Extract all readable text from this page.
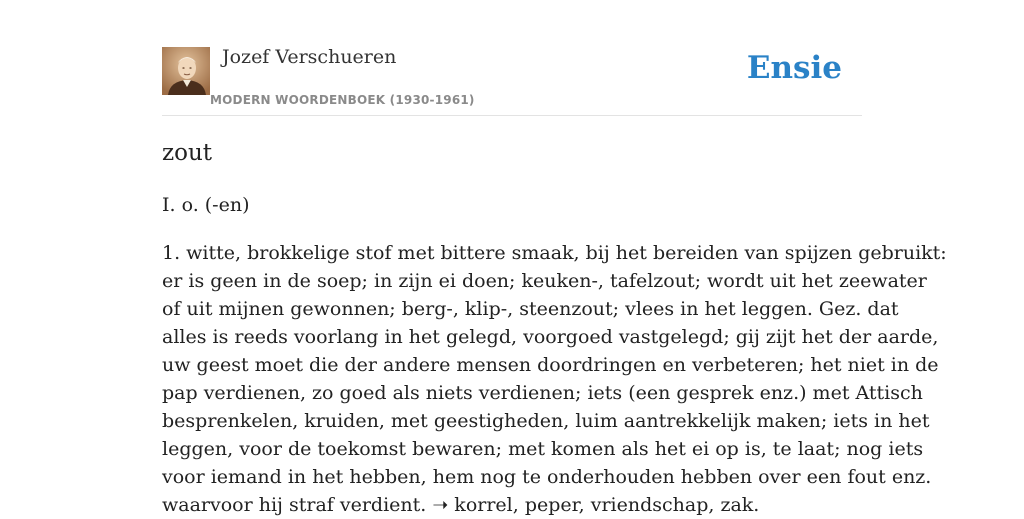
Jozef Verschueren
MODERN WOORDENBOEK (1930-1961)
Ensie
zout
I. o. (-en)
1. witte, brokkelige stof met bittere smaak, bij het bereiden van spijzen gebruikt:
er is geen in de soep; in zijn ei doen; keuken-, tafelzout; wordt uit het zeewater
of uit mijnen gewonnen; berg-, klip-, steenzout; vlees in het leggen. Gez. dat
alles is reeds voorlang in het gelegd, voorgoed vastgelegd; gij zijt het der aarde,
uw geest moet die der andere mensen doordringen en verbeteren; het niet in de
pap verdienen, zo goed als niets verdienen; iets (een gesprek enz.) met Attisch
besprenkelen, kruiden, met geestigheden, luim aantrekkelijk maken; iets in het
leggen, voor de toekomst bewaren; met komen als het ei op is, te laat; nog iets
voor iemand in het hebben, hem nog te onderhouden hebben over een fout enz.
waarvoor hij straf verdient. ➝ korrel, peper, vriendschap, zak.
